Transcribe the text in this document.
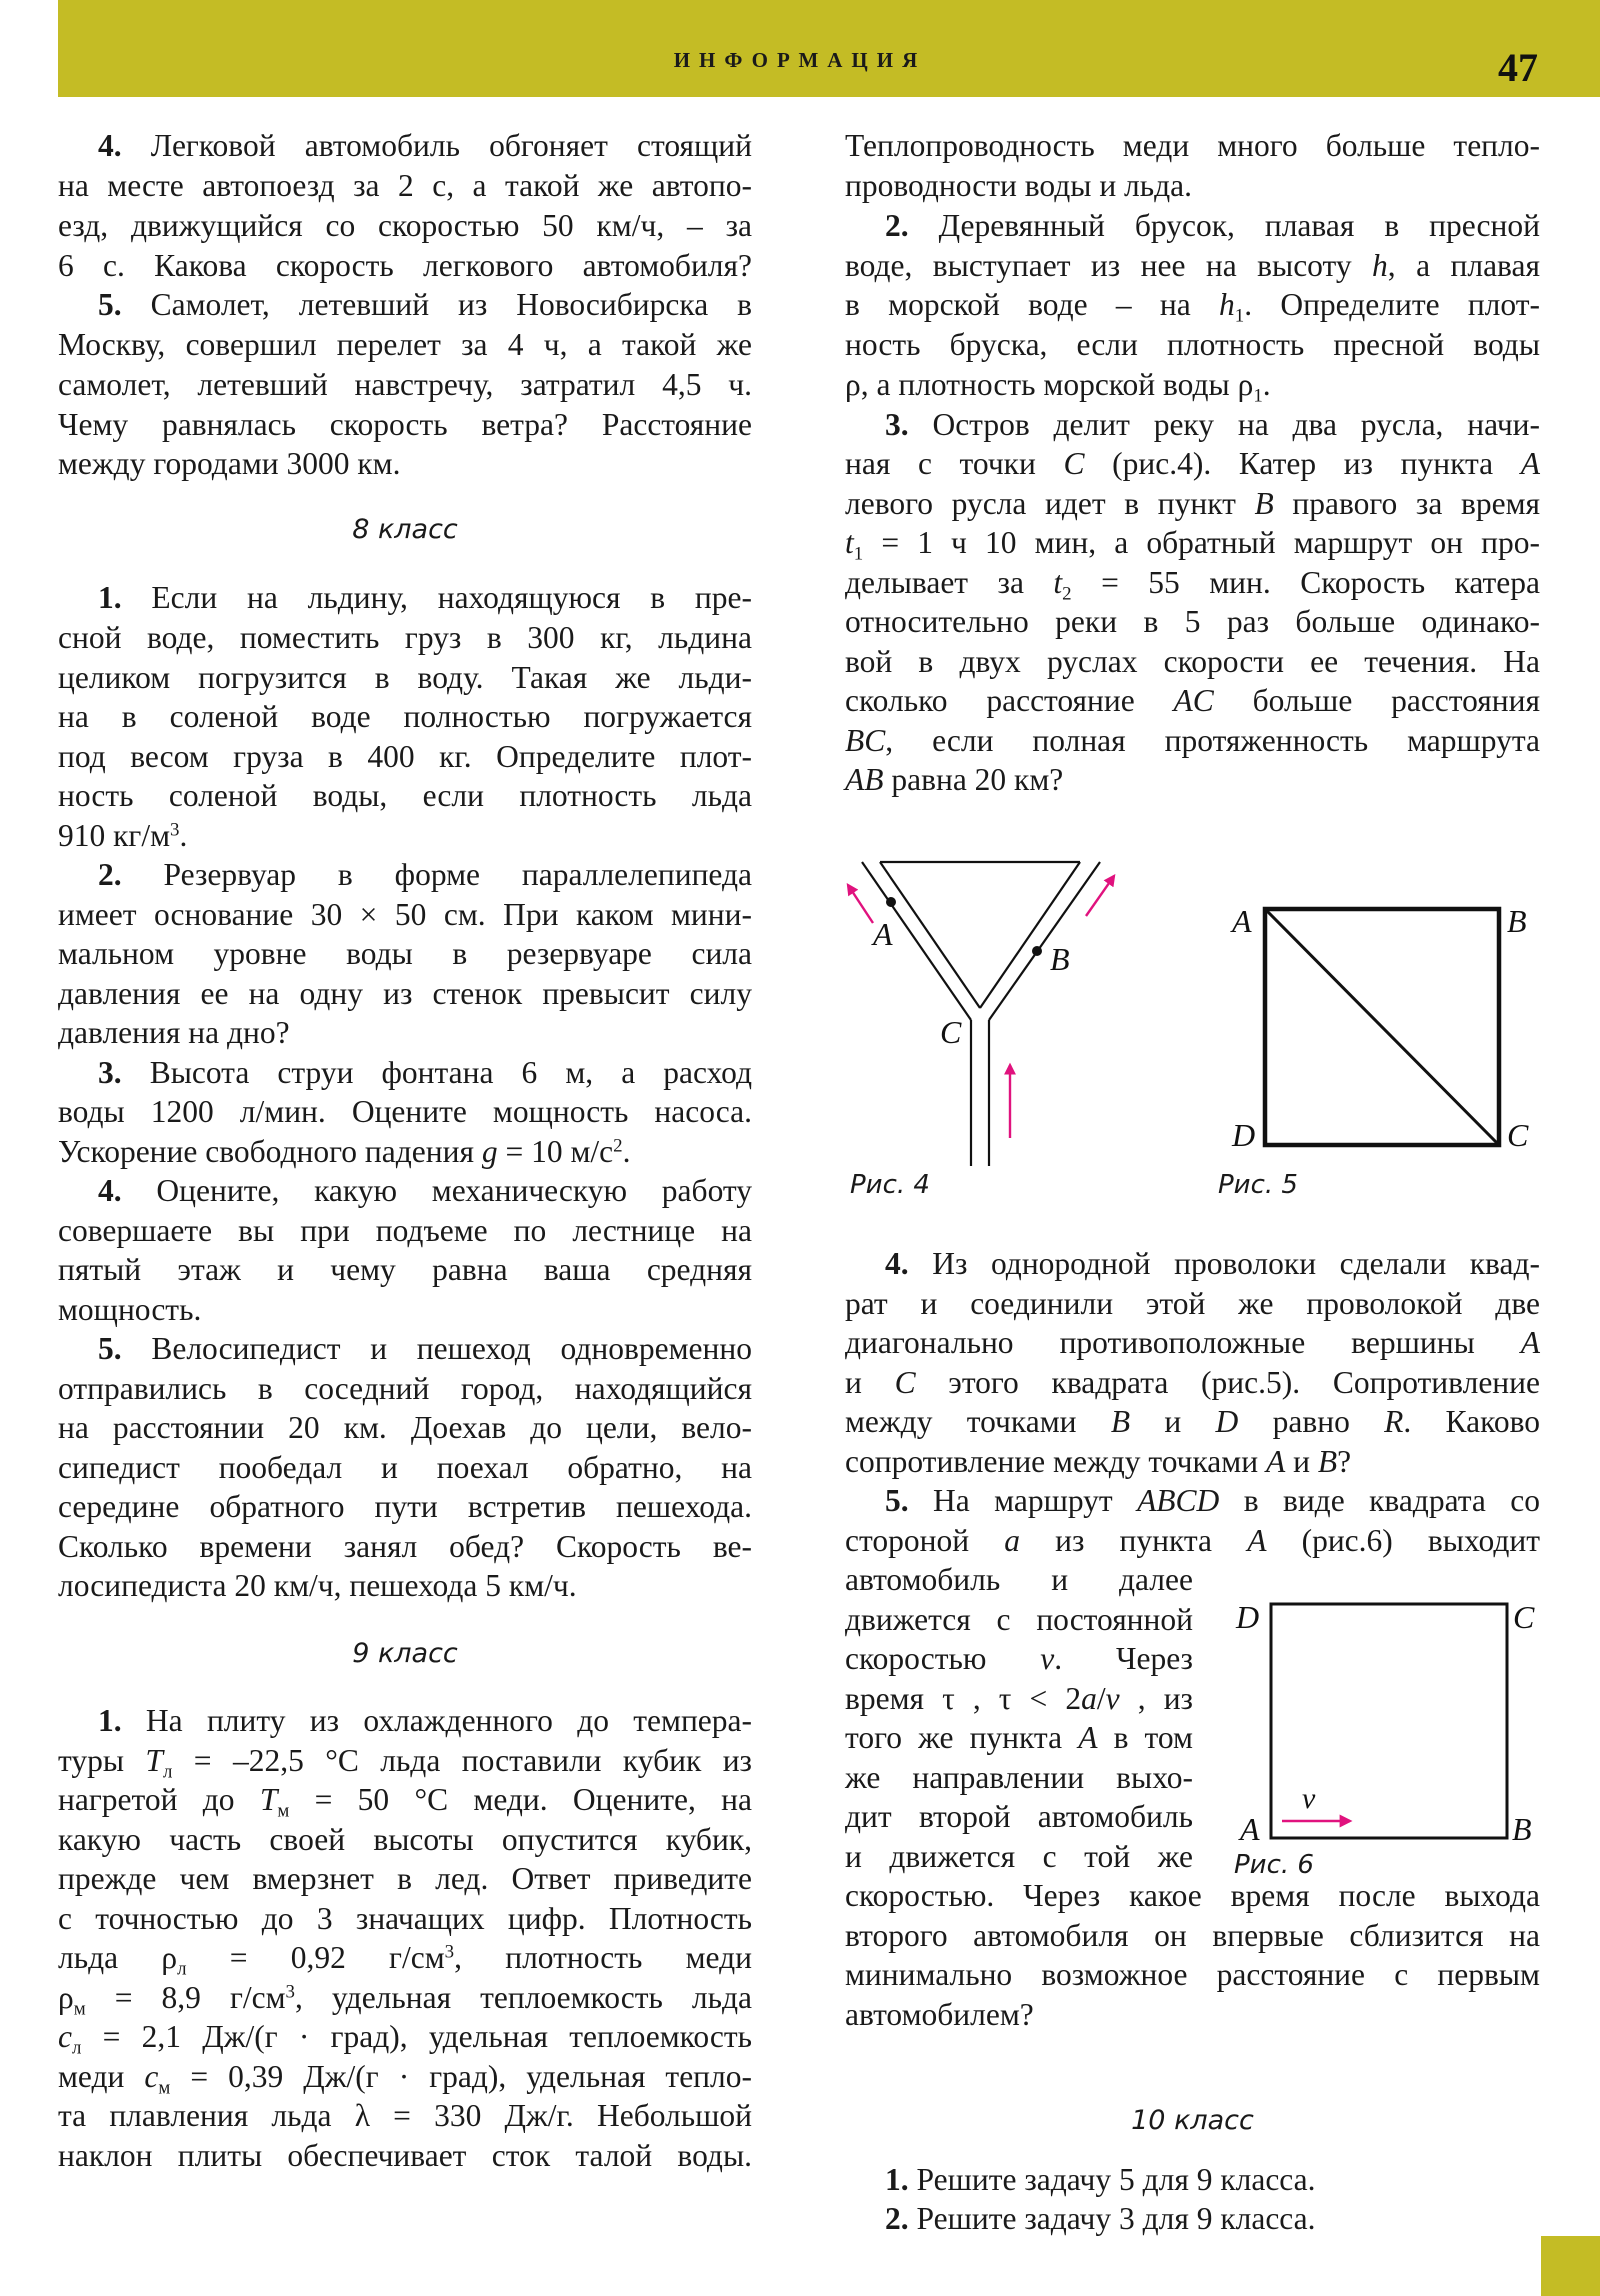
ИНФОРМАЦИЯ	47
4. Легковой автомобиль обгоняет стоящий
на месте автопоезд за 2 с, а такой же автопо-
езд, движущийся со скоростью 50 км/ч, – за
6 с. Какова скорость легкового автомобиля?
5. Самолет, летевший из Новосибирска в
Москву, совершил перелет за 4 ч, а такой же
самолет, летевший навстречу, затратил 4,5 ч.
Чему равнялась скорость ветра? Расстояние
между городами 3000 км.
8 класс
1. Если на льдину, находящуюся в пре-
сной воде, поместить груз в 300 кг, льдина
целиком погрузится в воду. Такая же льди-
на в соленой воде полностью погружается
под весом груза в 400 кг. Определите плот-
ность соленой воды, если плотность льда
910 $кг/м^3$.
2. Резервуар в форме параллелепипеда
имеет основание 30 × 50 см. При каком мини-
мальном уровне воды в резервуаре сила
давления ее на одну из стенок превысит силу
давления на дно?
3. Высота струи фонтана 6 м, а расход
воды 1200 л/мин. Оцените мощность насоса.
Ускорение свободного падения g = 10 $м/с^2$.
4. Оцените, какую механическую работу
совершаете вы при подъеме по лестнице на
пятый этаж и чему равна ваша средняя
мощность.
5. Велосипедист и пешеход одновременно
отправились в соседний город, находящийся
на расстоянии 20 км. Доехав до цели, вело-
сипедист пообедал и поехал обратно, на
середине обратного пути встретив пешехода.
Сколько времени занял обед? Скорость ве-
лосипедиста 20 км/ч, пешехода 5 км/ч.
9 класс
1. На плиту из охлажденного до темпера-
туры $T_л = -22,5$ °С льда поставили кубик из
нагретой до $T_м = 50$ °С меди. Оцените, на
какую часть своей высоты опустится кубик,
прежде чем вмерзнет в лед. Ответ приведите
с точностью до 3 значащих цифр. Плотность
льда $\rho_л = 0,92$ $г/см^3$, плотность меди
$\rho_м = 8,9$ $г/см^3$, удельная теплоемкость льда
$c_л = 2,1$ Дж/(г · град), удельная теплоемкость
меди $c_м = 0,39$ Дж/(г · град), удельная тепло-
та плавления льда λ = 330 Дж/г. Небольшой
наклон плиты обеспечивает сток талой воды.
Теплопроводность меди много больше тепло-
проводности воды и льда.
2. Деревянный брусок, плавая в пресной
воде, выступает из нее на высоту h, а плавая
в морской воде – на $h_1$. Определите плот-
ность бруска, если плотность пресной воды
ρ, а плотность морской воды $\rho_1$.
3. Остров делит реку на два русла, начи-
ная с точки C (рис.4). Катер из пункта A
левого русла идет в пункт B правого за время
$t_1 = 1$ ч 10 мин, а обратный маршрут он про-
делывает за $t_2 = 55$ мин. Скорость катера
относительно реки в 5 раз больше одинако-
вой в двух руслах скорости ее течения. На
сколько расстояние AC больше расстояния
BC, если полная протяженность маршрута
AB равна 20 км?
A
B
C
Рис. 4
A	B
C
D
Рис. 5
4. Из однородной проволоки сделали квад-
рат и соединили этой же проволокой две
диагонально противоположные вершины A
и C этого квадрата (рис.5). Сопротивление
между точками B и D равно R. Каково
сопротивление между точками A и B?
5. На маршрут ABCD в виде квадрата со
стороной a из пункта A (рис.6) выходит
автомобиль и далее
движется с постоянной
скоростью v. Через
время τ , τ < 2a/v , из
того же пункта A в том
же направлении выхо-
дит второй автомобиль
и движется с той же
скоростью. Через какое время после выхода
второго автомобиля он впервые сблизится на
минимально возможное расстояние с первым
автомобилем?
10 класс
1. Решите задачу 5 для 9 класса.
2. Решите задачу 3 для 9 класса.
D	C
A	B
v
Рис. 6
